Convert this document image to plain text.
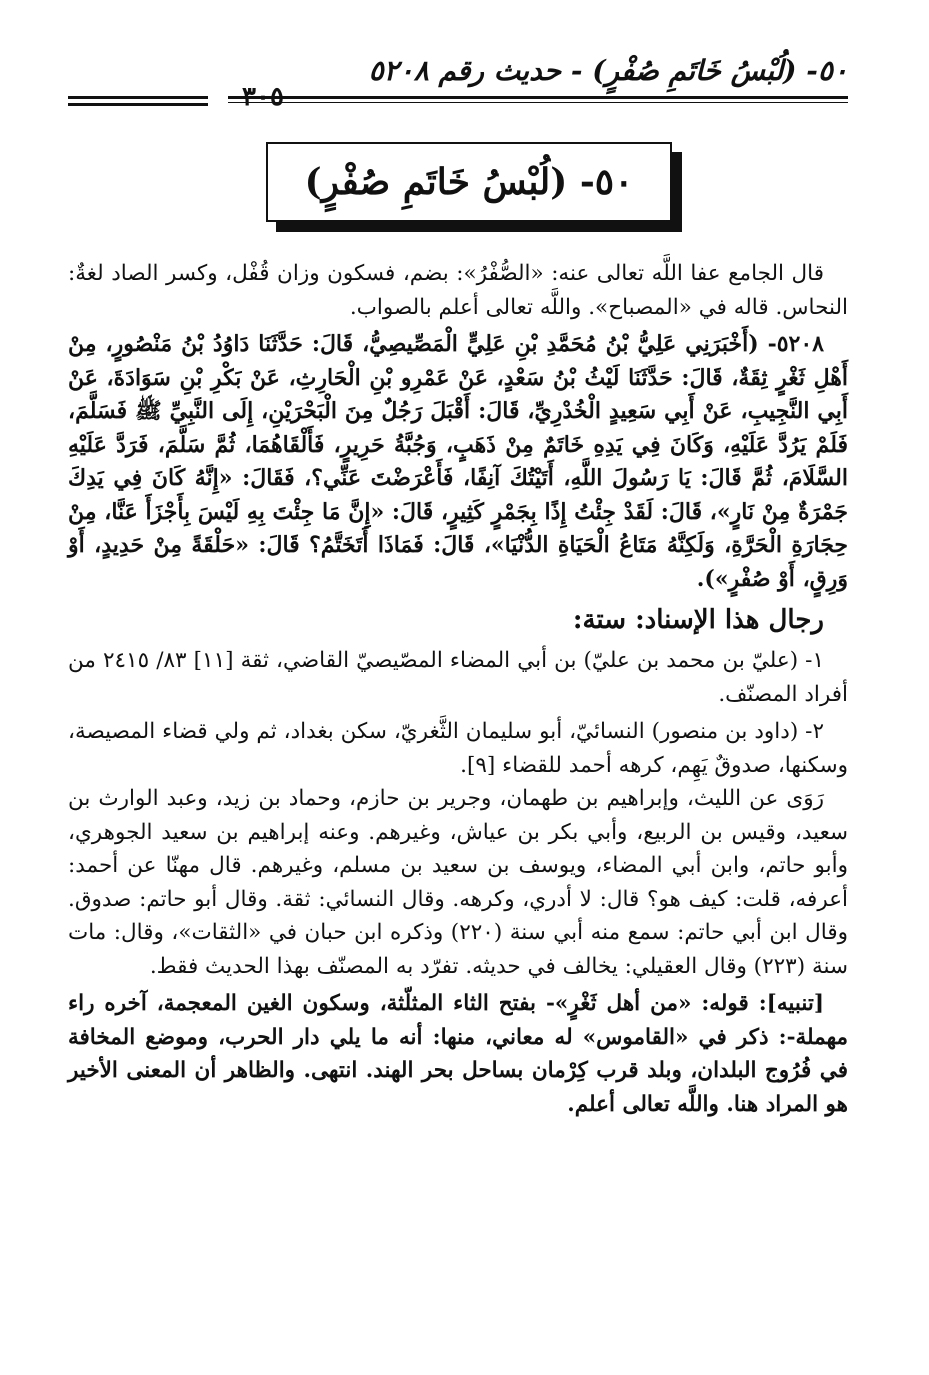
٥٠- (لُبْسُ خَاتَمِ صُفْرٍ) - حديث رقم ٥٢٠٨
٣٠٥
٥٠- (لُبْسُ خَاتَمِ صُفْرٍ)

قال الجامع عفا اللَّه تعالى عنه: «الصُّفْرُ»: بضم، فسكون وزان قُفْل، وكسر الصاد لغةٌ: النحاس. قاله في «المصباح». واللَّه تعالى أعلم بالصواب.

٥٢٠٨- (أَخْبَرَنِي عَلِيُّ بْنُ مُحَمَّدِ بْنِ عَلِيٍّ الْمَصِّيصِيُّ، قَالَ: حَدَّثَنَا دَاوُدُ بْنُ مَنْصُورٍ، مِنْ أَهْلِ ثَغْرٍ ثِقَةٌ، قَالَ: حَدَّثَنَا لَيْثُ بْنُ سَعْدٍ، عَنْ عَمْرِو بْنِ الْحَارِثِ، عَنْ بَكْرِ بْنِ سَوَادَةَ، عَنْ أَبِي النَّجِيبِ، عَنْ أَبِي سَعِيدٍ الْخُدْرِيِّ، قَالَ: أَقْبَلَ رَجُلٌ مِنَ الْبَحْرَيْنِ، إِلَى النَّبِيِّ ﷺ فَسَلَّمَ، فَلَمْ يَرُدَّ عَلَيْهِ، وَكَانَ فِي يَدِهِ خَاتَمٌ مِنْ ذَهَبٍ، وَجُبَّةُ حَرِيرٍ، فَأَلْقَاهُمَا، ثُمَّ سَلَّمَ، فَرَدَّ عَلَيْهِ السَّلَامَ، ثُمَّ قَالَ: يَا رَسُولَ اللَّهِ، أَتَيْتُكَ آنِفًا، فَأَعْرَضْتَ عَنِّي؟، فَقَالَ: «إِنَّهُ كَانَ فِي يَدِكَ جَمْرَةٌ مِنْ نَارٍ»، قَالَ: لَقَدْ جِئْتُ إِذًا بِجَمْرٍ كَثِيرٍ، قَالَ: «إِنَّ مَا جِئْتَ بِهِ لَيْسَ بِأَجْزَأَ عَنَّا، مِنْ حِجَارَةِ الْحَرَّةِ، وَلَكِنَّهُ مَتَاعُ الْحَيَاةِ الدُّنْيَا»، قَالَ: فَمَاذَا أَتَخَتَّمُ؟ قَالَ: «حَلْقَةً مِنْ حَدِيدٍ، أَوْ وَرِقٍ، أَوْ صُفْرٍ»).

رجال هذا الإسناد: ستة:

١- (عليّ بن محمد بن عليّ) بن أبي المضاء المصّيصيّ القاضي، ثقة [١١] ٨٣/ ٢٤١٥ من أفراد المصنّف.

٢- (داود بن منصور) النسائيّ، أبو سليمان الثَّغريّ، سكن بغداد، ثم ولي قضاء المصيصة، وسكنها، صدوقٌ يَهِم، كرهه أحمد للقضاء [٩].

رَوَى عن الليث، وإبراهيم بن طهمان، وجرير بن حازم، وحماد بن زيد، وعبد الوارث بن سعيد، وقيس بن الربيع، وأبي بكر بن عياش، وغيرهم. وعنه إبراهيم بن سعيد الجوهري، وأبو حاتم، وابن أبي المضاء، ويوسف بن سعيد بن مسلم، وغيرهم. قال مهنّا عن أحمد: أعرفه، قلت: كيف هو؟ قال: لا أدري، وكرهه. وقال النسائي: ثقة. وقال أبو حاتم: صدوق. وقال ابن أبي حاتم: سمع منه أبي سنة (٢٢٠) وذكره ابن حبان في «الثقات»، وقال: مات سنة (٢٢٣) وقال العقيلي: يخالف في حديثه. تفرّد به المصنّف بهذا الحديث فقط.

[تنبيه]: قوله: «من أهل ثَغْرٍ»- بفتح الثاء المثلّثة، وسكون الغين المعجمة، آخره راء مهملة-: ذكر في «القاموس» له معاني، منها: أنه ما يلي دار الحرب، وموضع المخافة في فُرُوج البلدان، وبلد قرب كِرْمان بساحل بحر الهند. انتهى. والظاهر أن المعنى الأخير هو المراد هنا. واللَّه تعالى أعلم.
